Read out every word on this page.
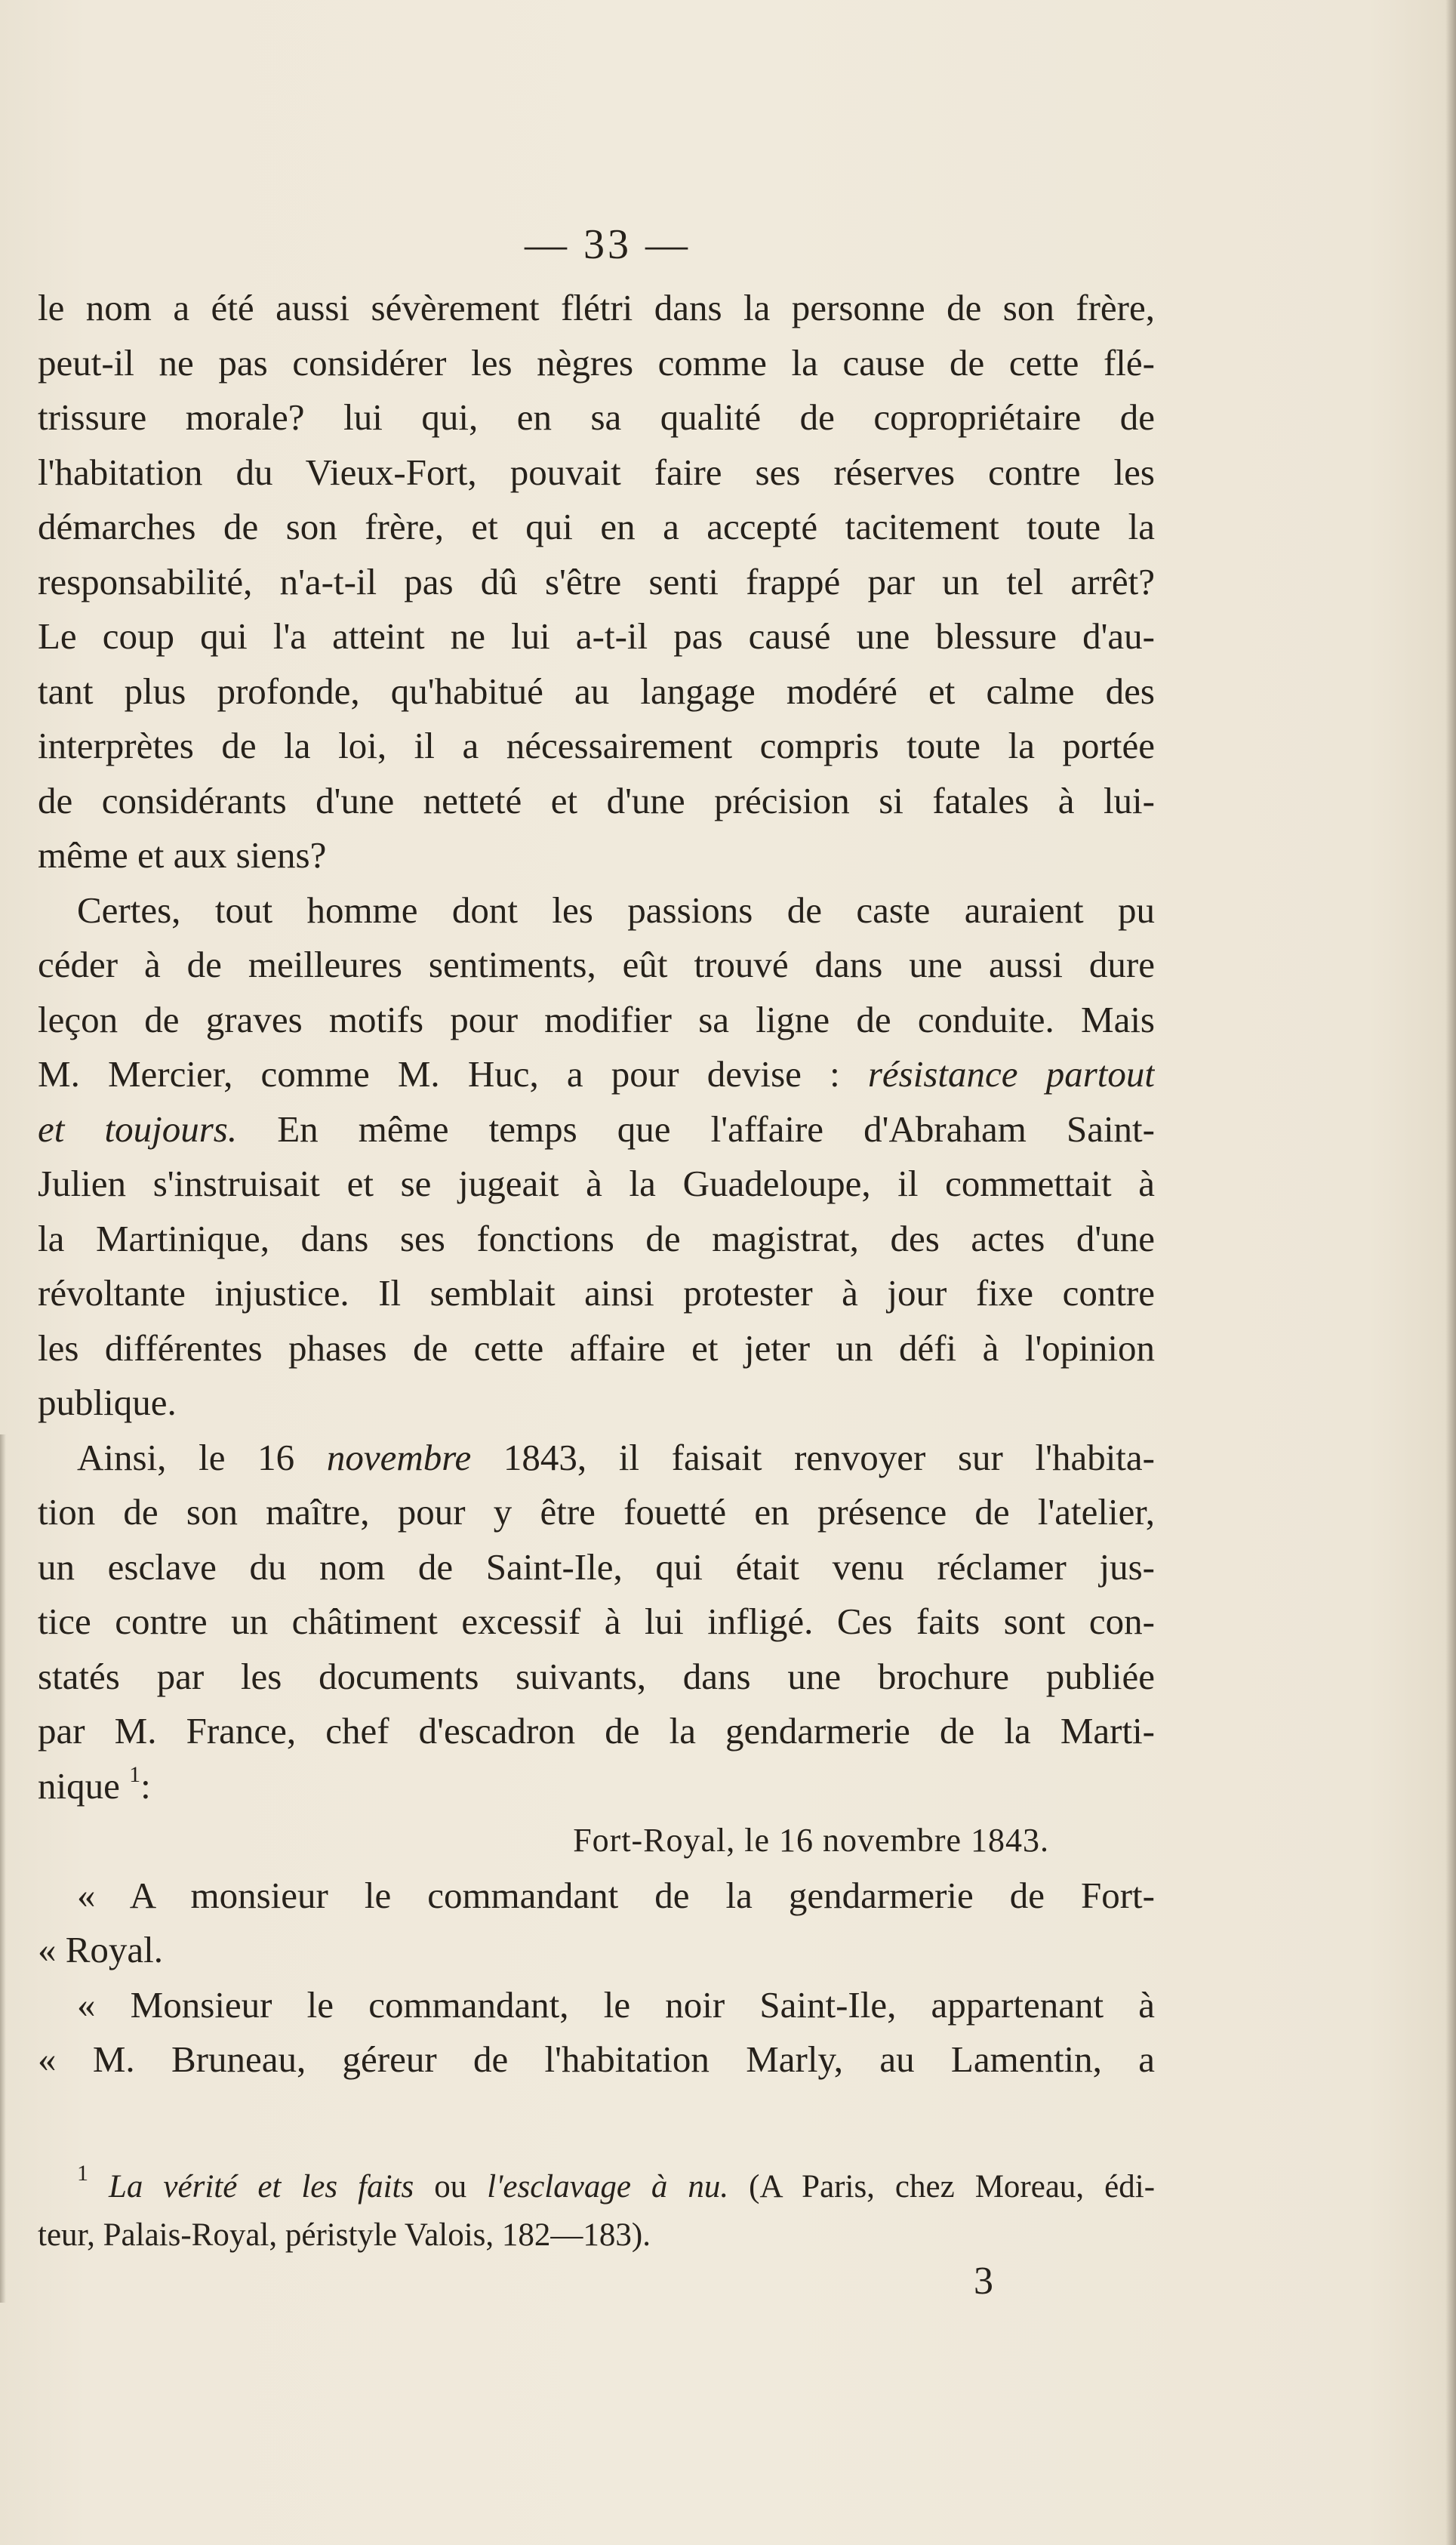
— 33 —

le nom a été aussi sévèrement flétri dans la personne de son frère,
peut-il ne pas considérer les nègres comme la cause de cette flé-
trissure morale? lui qui, en sa qualité de copropriétaire de
l'habitation du Vieux-Fort, pouvait faire ses réserves contre les
démarches de son frère, et qui en a accepté tacitement toute la
responsabilité, n'a-t-il pas dû s'être senti frappé par un tel arrêt?
Le coup qui l'a atteint ne lui a-t-il pas causé une blessure d'au-
tant plus profonde, qu'habitué au langage modéré et calme des
interprètes de la loi, il a nécessairement compris toute la portée
de considérants d'une netteté et d'une précision si fatales à lui-
même et aux siens?

Certes, tout homme dont les passions de caste auraient pu
céder à de meilleures sentiments, eût trouvé dans une aussi dure
leçon de graves motifs pour modifier sa ligne de conduite. Mais
M. Mercier, comme M. Huc, a pour devise : résistance partout
et toujours. En même temps que l'affaire d'Abraham Saint-
Julien s'instruisait et se jugeait à la Guadeloupe, il commettait à
la Martinique, dans ses fonctions de magistrat, des actes d'une
révoltante injustice. Il semblait ainsi protester à jour fixe contre
les différentes phases de cette affaire et jeter un défi à l'opinion
publique.

Ainsi, le 16 novembre 1843, il faisait renvoyer sur l'habita-
tion de son maître, pour y être fouetté en présence de l'atelier,
un esclave du nom de Saint-Ile, qui était venu réclamer jus-
tice contre un châtiment excessif à lui infligé. Ces faits sont con-
statés par les documents suivants, dans une brochure publiée
par M. France, chef d'escadron de la gendarmerie de la Marti-
nique $^1$:

Fort-Royal, le 16 novembre 1843.

« A monsieur le commandant de la gendarmerie de Fort-
« Royal.
« Monsieur le commandant, le noir Saint-Ile, appartenant à
« M. Bruneau, géreur de l'habitation Marly, au Lamentin, a

$^1$ La vérité et les faits ou l'esclavage à nu. (A Paris, chez Moreau, édi-
teur, Palais-Royal, péristyle Valois, 182—183).
3
